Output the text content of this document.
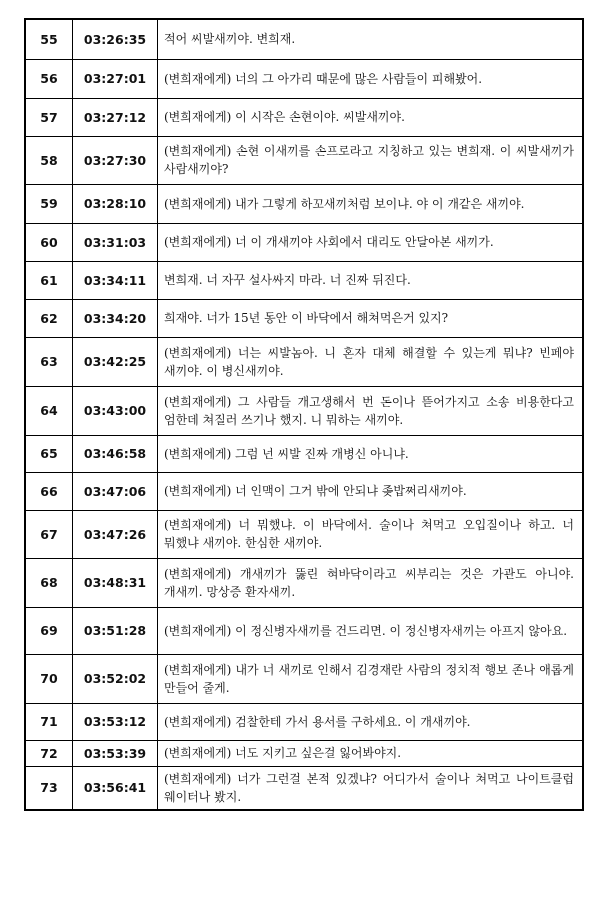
55	03:26:35	적어 씨발새끼야. 변희재.
56	03:27:01	(변희재에게) 너의 그 아가리 때문에 많은 사람들이 피해봤어.
57	03:27:12	(변희재에게) 이 시작은 손현이야. 씨발새끼야.
58	03:27:30	(변희재에게) 손현 이새끼를 손프로라고 지칭하고 있는 변희재. 이 씨발새끼가 사람새끼야?
59	03:28:10	(변희재에게) 내가 그렇게 하꼬새끼처럼 보이냐. 야 이 개같은 새끼야.
60	03:31:03	(변희재에게) 너 이 개새끼야 사회에서 대리도 안달아본 새끼가.
61	03:34:11	변희재. 너 자꾸 설사싸지 마라. 너 진짜 뒤진다.
62	03:34:20	희재야. 너가 15년 동안 이 바닥에서 해쳐먹은거 있지?
63	03:42:25	(변희재에게) 너는 씨발놈아. 니 혼자 대체 해결할 수 있는게 뭐냐? 빈페야 새끼야. 이 병신새끼야.
64	03:43:00	(변희재에게) 그 사람들 개고생해서 번 돈이나 뜯어가지고 소송 비용한다고 엄한데 쳐질러 쓰기나 했지. 니 뭐하는 새끼야.
65	03:46:58	(변희재에게) 그럼 넌 씨발 진짜 개병신 아니냐.
66	03:47:06	(변희재에게) 너 인맥이 그거 밖에 안되냐 좆밥쩌리새끼야.
67	03:47:26	(변희재에게) 너 뭐했냐. 이 바닥에서. 술이나 쳐먹고 오입질이나 하고. 너 뭐했냐 새끼야. 한심한 새끼야.
68	03:48:31	(변희재에게) 개새끼가 뚫린 혀바닥이라고 씨부리는 것은 가관도 아니야. 개새끼. 망상증 환자새끼.
69	03:51:28	(변희재에게) 이 정신병자새끼를 건드리면. 이 정신병자새끼는 아프지 않아요.
70	03:52:02	(변희재에게) 내가 너 새끼로 인해서 김경재란 사람의 정치적 행보 존나 애롭게 만들어 줄게.
71	03:53:12	(변희재에게) 검찰한테 가서 용서를 구하세요. 이 개새끼야.
72	03:53:39	(변희재에게) 너도 지키고 싶은걸 잃어봐야지.
73	03:56:41	(변희재에게) 너가 그런걸 본적 있겠냐? 어디가서 술이나 쳐먹고 나이트클럽 웨이터나 봤지.
